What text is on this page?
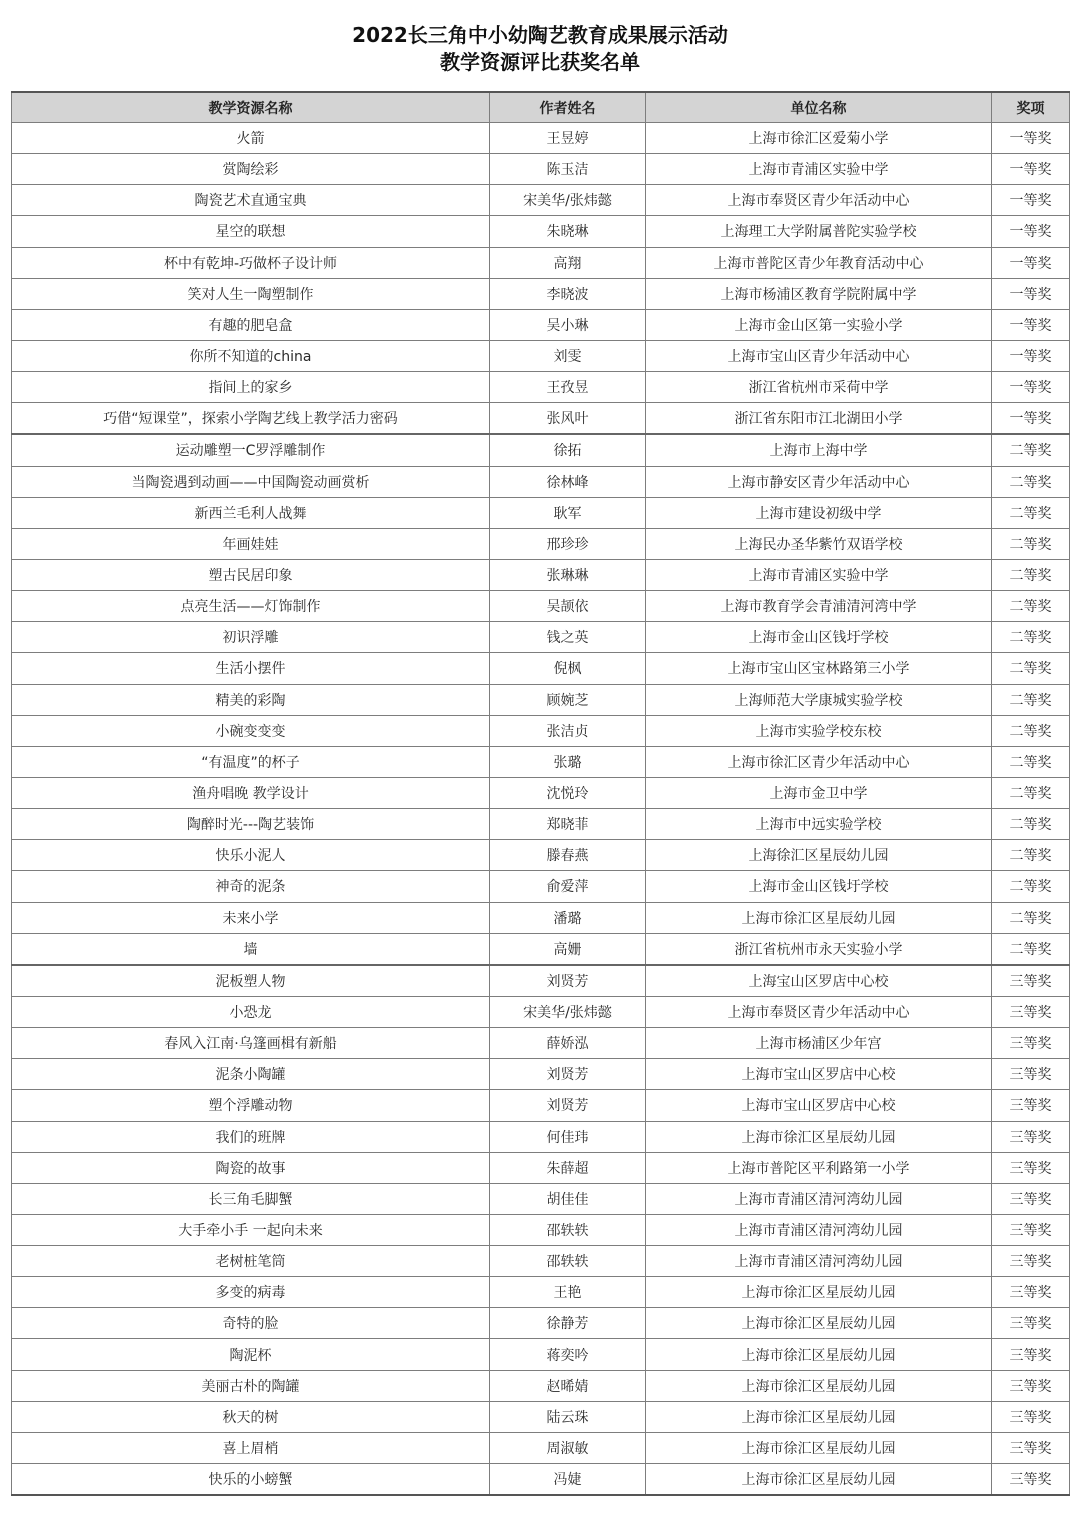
2022长三角中小幼陶艺教育成果展示活动
教学资源评比获奖名单
教学资源名称	作者姓名	单位名称	奖项
火箭	王昱婷	上海市徐汇区爱菊小学	一等奖
赏陶绘彩	陈玉洁	上海市青浦区实验中学	一等奖
陶瓷艺术直通宝典	宋美华/张炜懿	上海市奉贤区青少年活动中心	一等奖
星空的联想	朱晓琳	上海理工大学附属普陀实验学校	一等奖
杯中有乾坤-巧做杯子设计师	高翔	上海市普陀区青少年教育活动中心	一等奖
笑对人生一陶塑制作	李晓波	上海市杨浦区教育学院附属中学	一等奖
有趣的肥皂盒	吴小琳	上海市金山区第一实验小学	一等奖
你所不知道的china	刘雯	上海市宝山区青少年活动中心	一等奖
指间上的家乡	王孜昱	浙江省杭州市采荷中学	一等奖
巧借“短课堂”，探索小学陶艺线上教学活力密码	张风叶	浙江省东阳市江北湖田小学	一等奖
运动雕塑一C罗浮雕制作	徐拓	上海市上海中学	二等奖
当陶瓷遇到动画——中国陶瓷动画赏析	徐林峰	上海市静安区青少年活动中心	二等奖
新西兰毛利人战舞	耿军	上海市建设初级中学	二等奖
年画娃娃	邢珍珍	上海民办圣华紫竹双语学校	二等奖
塑古民居印象	张琳琳	上海市青浦区实验中学	二等奖
点亮生活——灯饰制作	吴颉依	上海市教育学会青浦清河湾中学	二等奖
初识浮雕	钱之英	上海市金山区钱圩学校	二等奖
生活小摆件	倪枫	上海市宝山区宝林路第三小学	二等奖
精美的彩陶	顾婉芝	上海师范大学康城实验学校	二等奖
小碗变变变	张洁贞	上海市实验学校东校	二等奖
“有温度”的杯子	张璐	上海市徐汇区青少年活动中心	二等奖
渔舟唱晚 教学设计	沈悦玲	上海市金卫中学	二等奖
陶醉时光---陶艺装饰	郑晓菲	上海市中远实验学校	二等奖
快乐小泥人	滕春燕	上海徐汇区星辰幼儿园	二等奖
神奇的泥条	俞爱萍	上海市金山区钱圩学校	二等奖
未来小学	潘璐	上海市徐汇区星辰幼儿园	二等奖
墙	高姗	浙江省杭州市永天实验小学	二等奖
泥板塑人物	刘贤芳	上海宝山区罗店中心校	三等奖
小恐龙	宋美华/张炜懿	上海市奉贤区青少年活动中心	三等奖
春风入江南·乌篷画楫有新船	薛娇泓	上海市杨浦区少年宫	三等奖
泥条小陶罐	刘贤芳	上海市宝山区罗店中心校	三等奖
塑个浮雕动物	刘贤芳	上海市宝山区罗店中心校	三等奖
我们的班牌	何佳玮	上海市徐汇区星辰幼儿园	三等奖
陶瓷的故事	朱薛超	上海市普陀区平利路第一小学	三等奖
长三角毛脚蟹	胡佳佳	上海市青浦区清河湾幼儿园	三等奖
大手牵小手 一起向未来	邵轶轶	上海市青浦区清河湾幼儿园	三等奖
老树桩笔筒	邵轶轶	上海市青浦区清河湾幼儿园	三等奖
多变的病毒	王艳	上海市徐汇区星辰幼儿园	三等奖
奇特的脸	徐静芳	上海市徐汇区星辰幼儿园	三等奖
陶泥杯	蒋奕吟	上海市徐汇区星辰幼儿园	三等奖
美丽古朴的陶罐	赵晞婧	上海市徐汇区星辰幼儿园	三等奖
秋天的树	陆云珠	上海市徐汇区星辰幼儿园	三等奖
喜上眉梢	周淑敏	上海市徐汇区星辰幼儿园	三等奖
快乐的小螃蟹	冯婕	上海市徐汇区星辰幼儿园	三等奖
